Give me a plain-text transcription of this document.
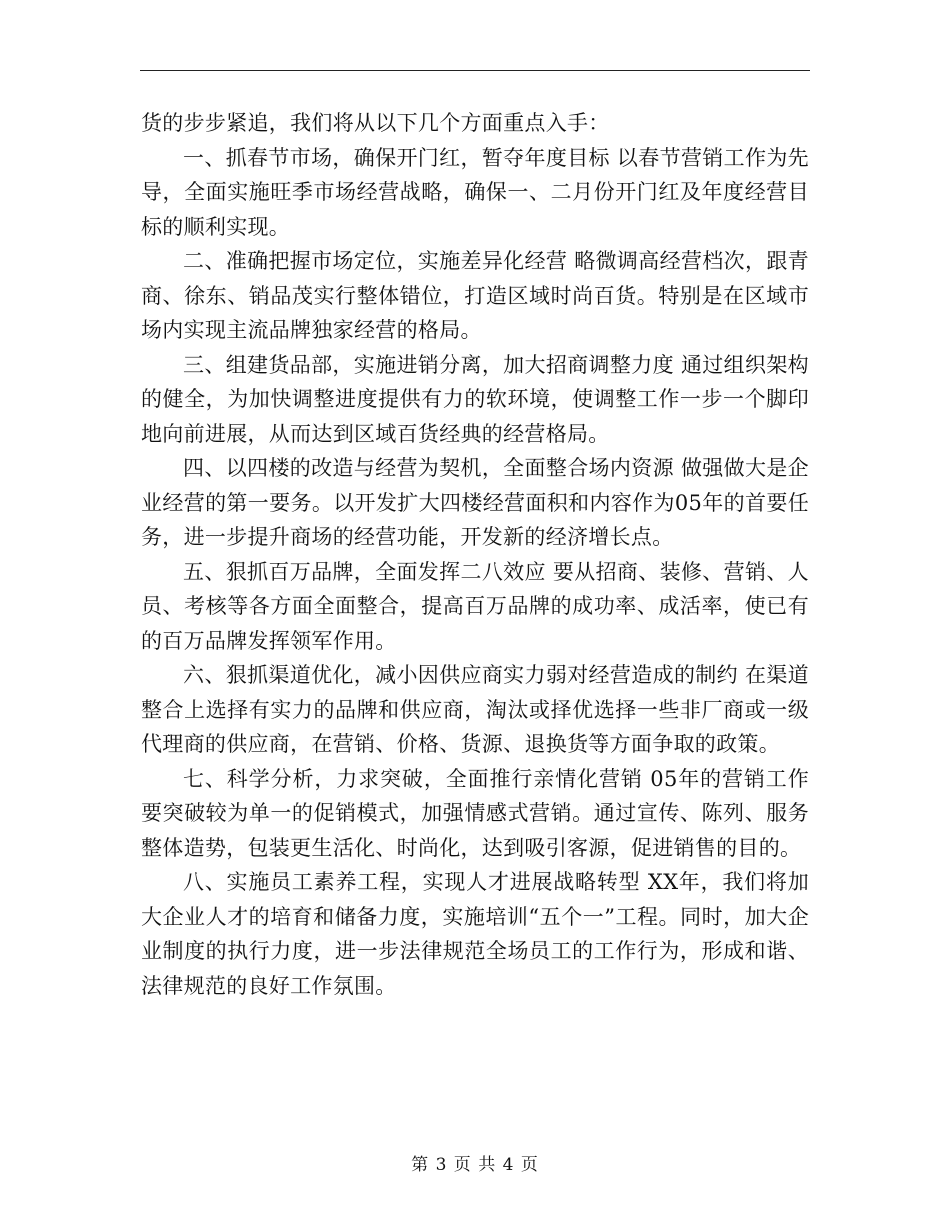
货的步步紧追，我们将从以下几个方面重点入手：

一、抓春节市场，确保开门红，暂夺年度目标 以春节营销工作为先导，全面实施旺季市场经营战略，确保一、二月份开门红及年度经营目标的顺利实现。

二、准确把握市场定位，实施差异化经营 略微调高经营档次，跟青商、徐东、销品茂实行整体错位，打造区域时尚百货。特别是在区域市场内实现主流品牌独家经营的格局。

三、组建货品部，实施进销分离，加大招商调整力度 通过组织架构的健全，为加快调整进度提供有力的软环境，使调整工作一步一个脚印地向前进展，从而达到区域百货经典的经营格局。

四、以四楼的改造与经营为契机，全面整合场内资源 做强做大是企业经营的第一要务。以开发扩大四楼经营面积和内容作为05年的首要任务，进一步提升商场的经营功能，开发新的经济增长点。

五、狠抓百万品牌，全面发挥二八效应 要从招商、装修、营销、人员、考核等各方面全面整合，提高百万品牌的成功率、成活率，使已有的百万品牌发挥领军作用。

六、狠抓渠道优化，减小因供应商实力弱对经营造成的制约 在渠道整合上选择有实力的品牌和供应商，淘汰或择优选择一些非厂商或一级代理商的供应商，在营销、价格、货源、退换货等方面争取的政策。

七、科学分析，力求突破，全面推行亲情化营销 05年的营销工作要突破较为单一的促销模式，加强情感式营销。通过宣传、陈列、服务整体造势，包装更生活化、时尚化，达到吸引客源，促进销售的目的。

八、实施员工素养工程，实现人才进展战略转型 XX年，我们将加大企业人才的培育和储备力度，实施培训“五个一”工程。同时，加大企业制度的执行力度，进一步法律规范全场员工的工作行为，形成和谐、法律规范的良好工作氛围。

第 3 页 共 4 页
